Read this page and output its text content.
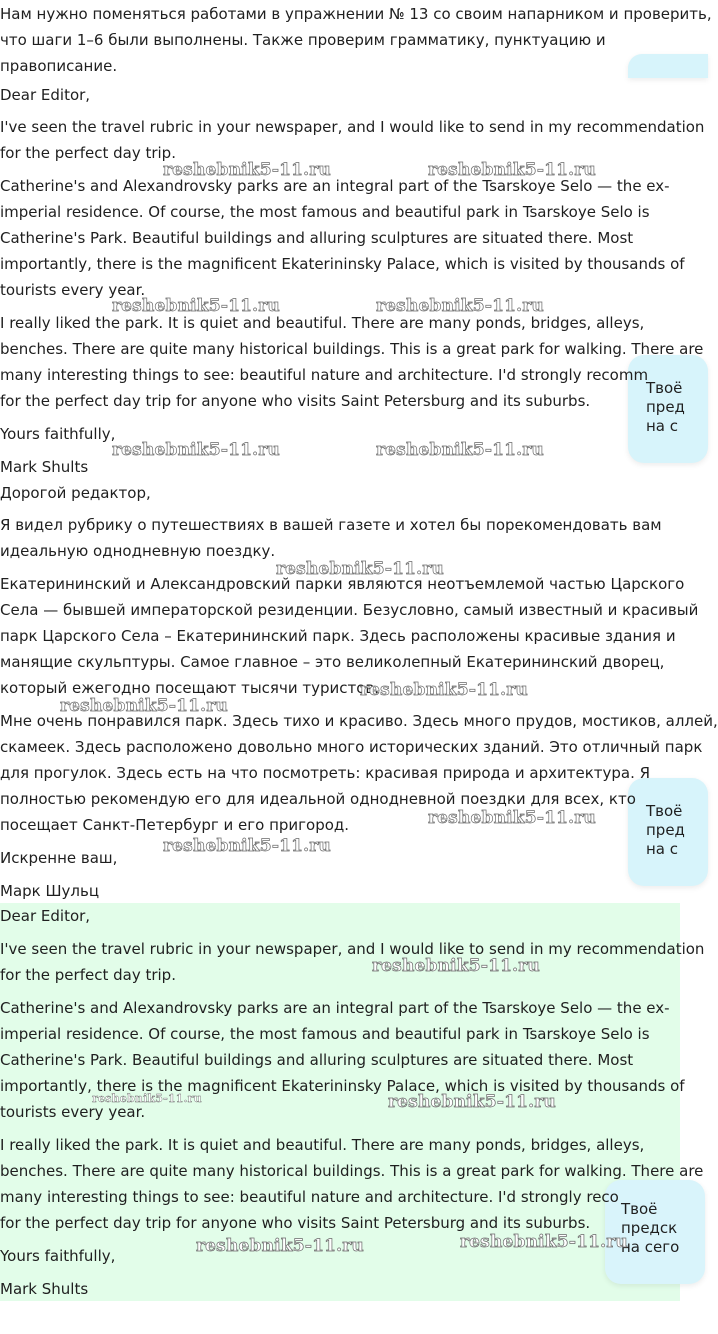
Твоё
пред
на с
Твоё
пред
на с
Твоё
предск
на сего

Нам нужно поменяться работами в упражнении № 13 со своим напарником и проверить,

что шаги 1–6 были выполнены. Также проверим грамматику, пунктуацию и

правописание.

Dear Editor,

I've seen the travel rubric in your newspaper, and I would like to send in my recommendation

for the perfect day trip.

Catherine's and Alexandrovsky parks are an integral part of the Tsarskoye Selo — the ex-

imperial residence. Of course, the most famous and beautiful park in Tsarskoye Selo is

Catherine's Park. Beautiful buildings and alluring sculptures are situated there. Most

importantly, there is the magnificent Ekaterininsky Palace, which is visited by thousands of

tourists every year.

I really liked the park. It is quiet and beautiful. There are many ponds, bridges, alleys,

benches. There are quite many historical buildings. This is a great park for walking. There are

many interesting things to see: beautiful nature and architecture. I'd strongly recomm

for the perfect day trip for anyone who visits Saint Petersburg and its suburbs.

Yours faithfully,

Mark Shults

Дорогой редактор,

Я видел рубрику о путешествиях в вашей газете и хотел бы порекомендовать вам

идеальную однодневную поездку.

Екатерининский и Александровский парки являются неотъемлемой частью Царского

Села — бывшей императорской резиденции. Безусловно, самый известный и красивый

парк Царского Села – Екатерининский парк. Здесь расположены красивые здания и

манящие скульптуры. Самое главное – это великолепный Екатерининский дворец,

который ежегодно посещают тысячи туристов.

Мне очень понравился парк. Здесь тихо и красиво. Здесь много прудов, мостиков, аллей,

скамеек. Здесь расположено довольно много исторических зданий. Это отличный парк

для прогулок. Здесь есть на что посмотреть: красивая природа и архитектура. Я

полностью рекомендую его для идеальной однодневной поездки для всех, кто

посещает Санкт-Петербург и его пригород.

Искренне ваш,

Марк Шульц

Dear Editor,

I've seen the travel rubric in your newspaper, and I would like to send in my recommendation

for the perfect day trip.

Catherine's and Alexandrovsky parks are an integral part of the Tsarskoye Selo — the ex-

imperial residence. Of course, the most famous and beautiful park in Tsarskoye Selo is

Catherine's Park. Beautiful buildings and alluring sculptures are situated there. Most

importantly, there is the magnificent Ekaterininsky Palace, which is visited by thousands of

tourists every year.

I really liked the park. It is quiet and beautiful. There are many ponds, bridges, alleys,

benches. There are quite many historical buildings. This is a great park for walking. There are

many interesting things to see: beautiful nature and architecture. I'd strongly reco

for the perfect day trip for anyone who visits Saint Petersburg and its suburbs.

Yours faithfully,

Mark Shults

reshebnik5-11.ru	reshebnik5-11.ru
reshebnik5-11.ru	reshebnik5-11.ru
reshebnik5-11.ru	reshebnik5-11.ru
reshebnik5-11.ru
reshebnik5-11.ru
reshebnik5-11.ru
reshebnik5-11.ru
reshebnik5-11.ru
reshebnik5-11.ru
reshebnik5-11.ru	reshebnik5-11.ru
reshebnik5-11.ru	reshebnik5-11.ru
